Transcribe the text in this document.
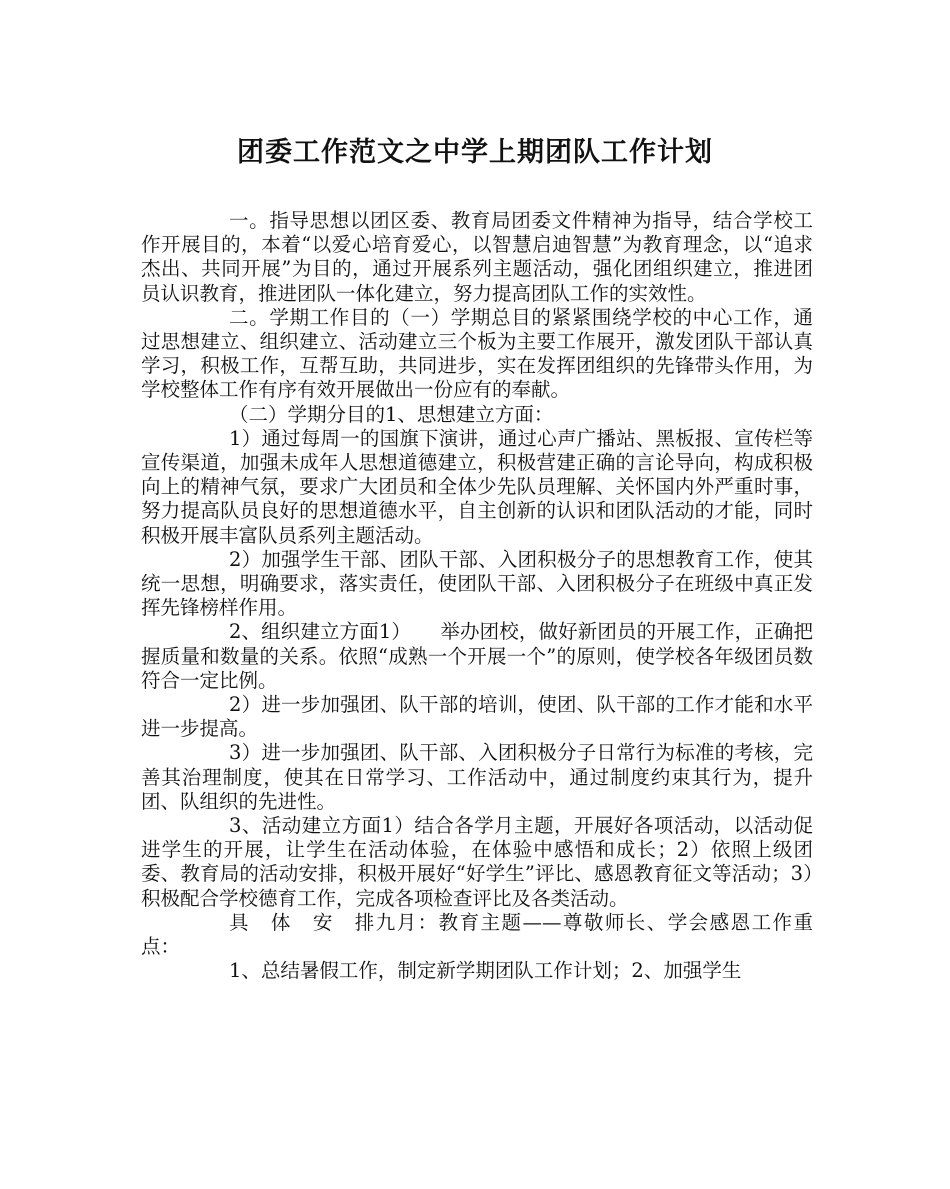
团委工作范文之中学上期团队工作计划

一。指导思想以团区委、教育局团委文件精神为指导，结合学校工作开展目的，本着“以爱心培育爱心，以智慧启迪智慧”为教育理念，以“追求杰出、共同开展”为目的，通过开展系列主题活动，强化团组织建立，推进团员认识教育，推进团队一体化建立，努力提高团队工作的实效性。

二。学期工作目的（一）学期总目的紧紧围绕学校的中心工作，通过思想建立、组织建立、活动建立三个板为主要工作展开，激发团队干部认真学习，积极工作，互帮互助，共同进步，实在发挥团组织的先锋带头作用，为学校整体工作有序有效开展做出一份应有的奉献。

（二）学期分目的1、思想建立方面：

1）通过每周一的国旗下演讲，通过心声广播站、黑板报、宣传栏等宣传渠道，加强未成年人思想道德建立，积极营建正确的言论导向，构成积极向上的精神气氛，要求广大团员和全体少先队员理解、关怀国内外严重时事，努力提高队员良好的思想道德水平，自主创新的认识和团队活动的才能，同时积极开展丰富队员系列主题活动。

2）加强学生干部、团队干部、入团积极分子的思想教育工作，使其统一思想，明确要求，落实责任，使团队干部、入团积极分子在班级中真正发挥先锋榜样作用。

2、组织建立方面1）　　举办团校，做好新团员的开展工作，正确把握质量和数量的关系。依照“成熟一个开展一个”的原则，使学校各年级团员数符合一定比例。

2）进一步加强团、队干部的培训，使团、队干部的工作才能和水平进一步提高。

3）进一步加强团、队干部、入团积极分子日常行为标准的考核，完善其治理制度，使其在日常学习、工作活动中，通过制度约束其行为，提升团、队组织的先进性。

3、活动建立方面1）结合各学月主题，开展好各项活动，以活动促进学生的开展，让学生在活动体验，在体验中感悟和成长；2）依照上级团委、教育局的活动安排，积极开展好“好学生”评比、感恩教育征文等活动；3）积极配合学校德育工作，完成各项检查评比及各类活动。

具　体　安　排九月：教育主题——尊敬师长、学会感恩工作重点：

1、总结暑假工作，制定新学期团队工作计划；2、加强学生
